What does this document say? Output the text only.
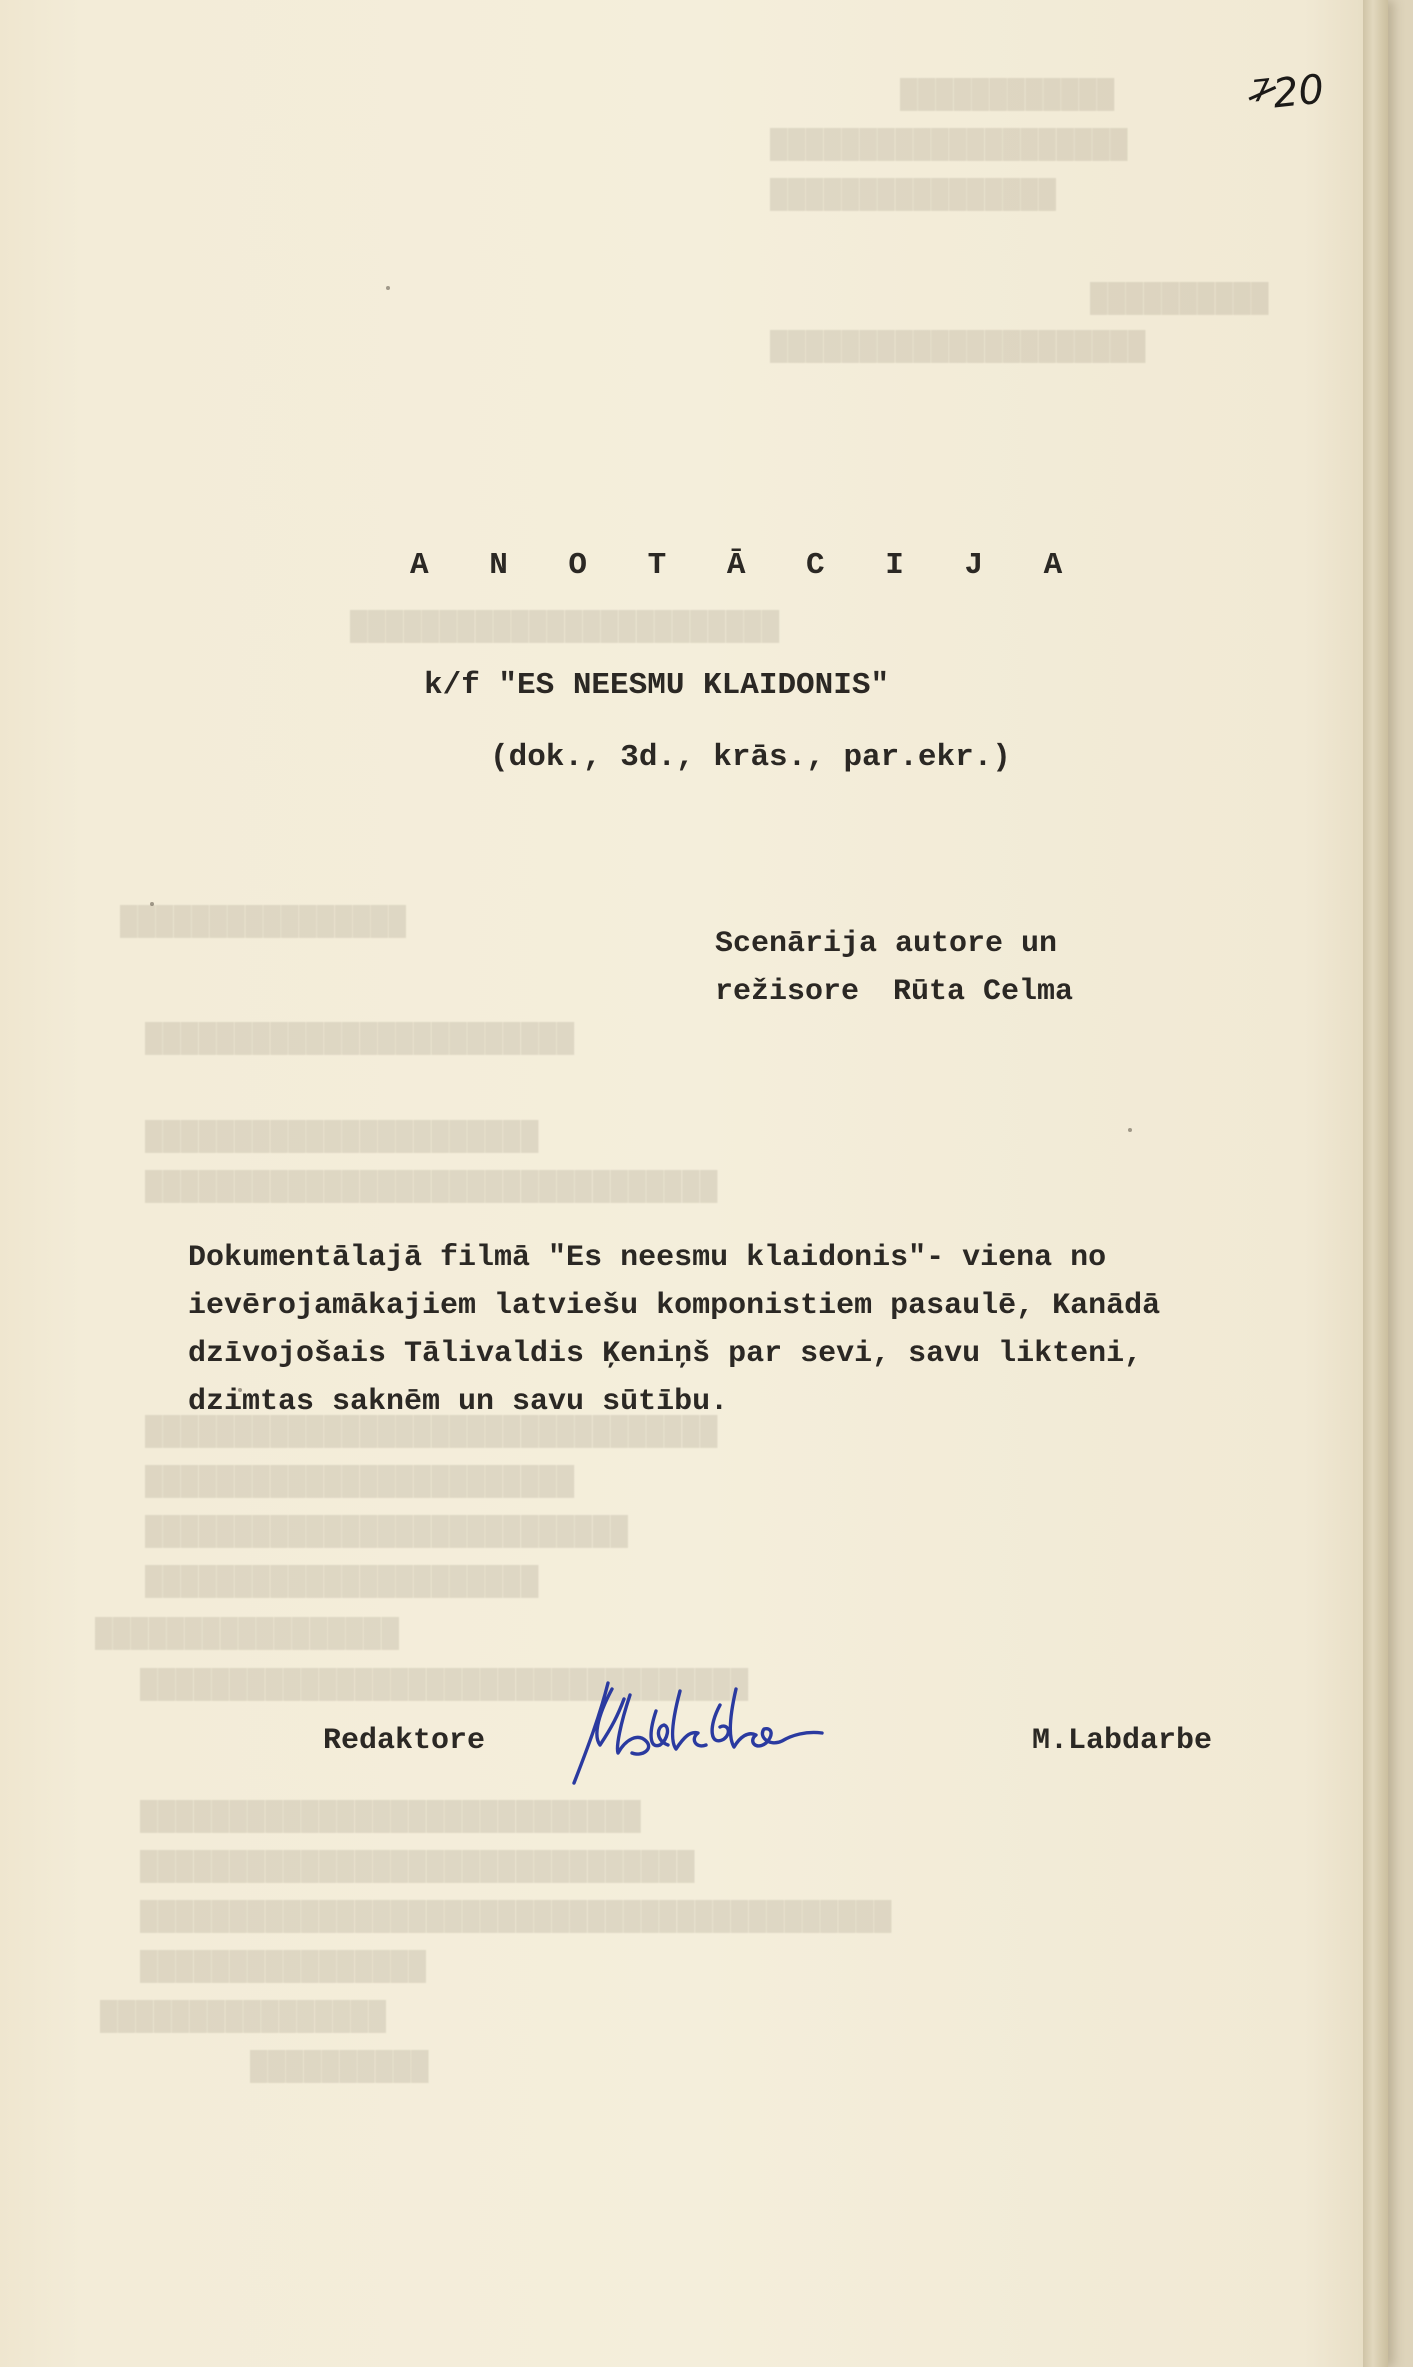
████████████
████████████████████
████████████████
██████████
█████████████████████
████████████████████████
████████████████
████████████████████████
██████████████████████
████████████████████████████████
████████████████████████████████
████████████████████████
███████████████████████████
██████████████████████
█████████████████
██████████████████████████████████
████████████████████████████
███████████████████████████████
██████████████████████████████████████████
████████████████
████████████████
██████████
$^7$20
A N O T Ā C I J A
k/f "ES NEESMU KLAIDONIS"
(dok., 3d., krās., par.ekr.)
Scenārija autore un
režisore Rūta Celma
Dokumentālajā filmā "Es neesmu klaidonis"- viena no
ievērojamākajiem latviešu komponistiem pasaulē, Kanādā
dzīvojošais Tālivaldis Ķeniņš par sevi, savu likteni,
dzimtas saknēm un savu sūtību.
Redaktore	M.Labdarbe
